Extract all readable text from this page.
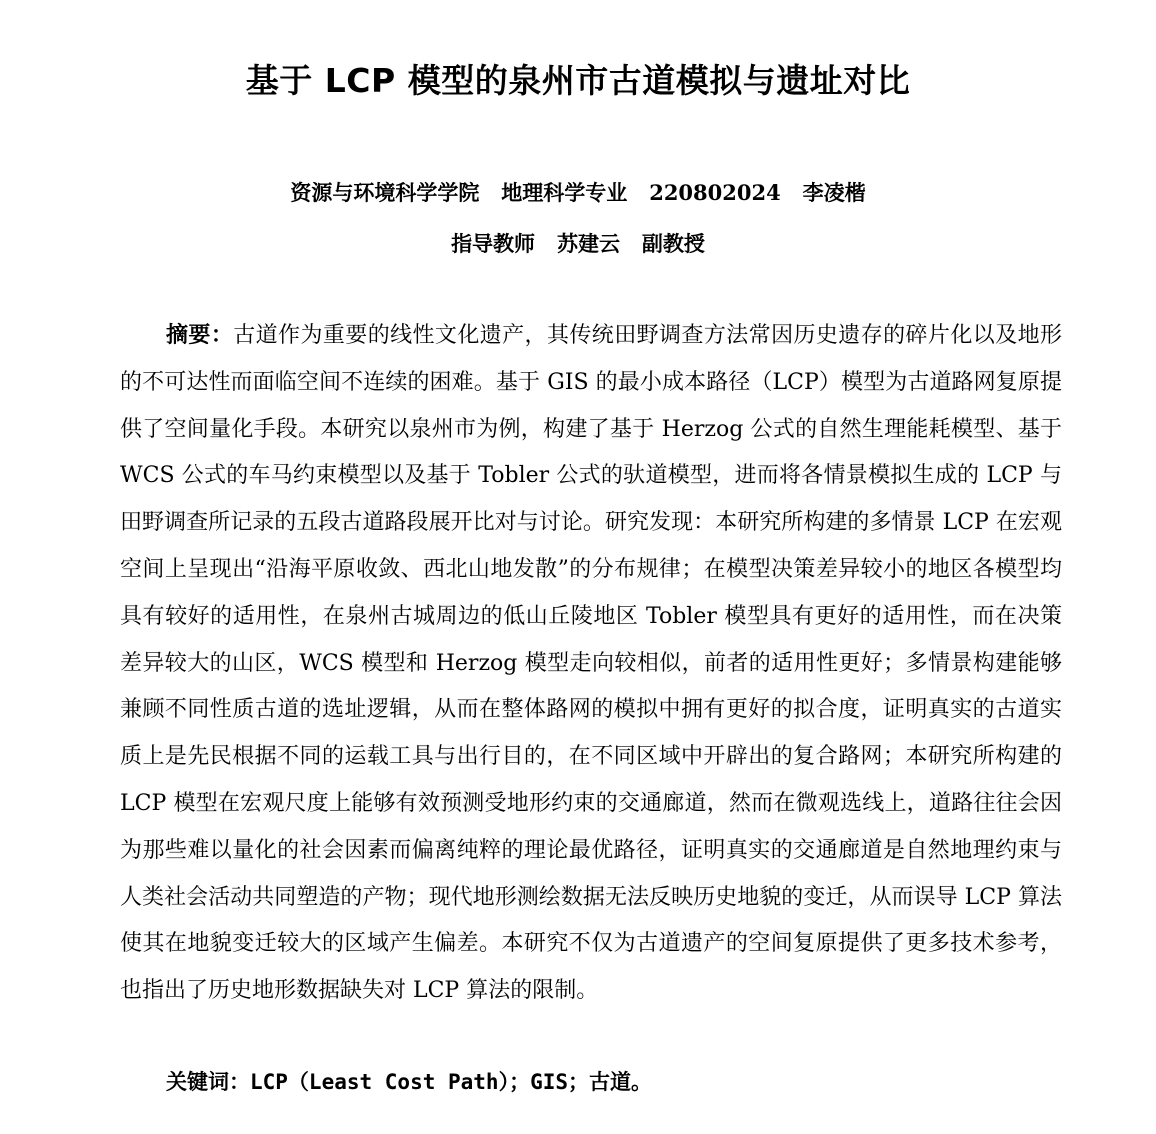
基于 LCP 模型的泉州市古道模拟与遗址对比
资源与环境科学学院   地理科学专业   220802024   李凌楷
指导教师   苏建云   副教授
摘要：古道作为重要的线性文化遗产，其传统田野调查方法常因历史遗存的碎片化以及地形的不可达性而面临空间不连续的困难。基于 GIS 的最小成本路径（LCP）模型为古道路网复原提供了空间量化手段。本研究以泉州市为例，构建了基于 Herzog 公式的自然生理能耗模型、基于 WCS 公式的车马约束模型以及基于 Tobler 公式的驮道模型，进而将各情景模拟生成的 LCP 与田野调查所记录的五段古道路段展开比对与讨论。研究发现：本研究所构建的多情景 LCP 在宏观空间上呈现出“沿海平原收敛、西北山地发散”的分布规律；在模型决策差异较小的地区各模型均具有较好的适用性，在泉州古城周边的低山丘陵地区 Tobler 模型具有更好的适用性，而在决策差异较大的山区，WCS 模型和 Herzog 模型走向较相似，前者的适用性更好；多情景构建能够兼顾不同性质古道的选址逻辑，从而在整体路网的模拟中拥有更好的拟合度，证明真实的古道实质上是先民根据不同的运载工具与出行目的，在不同区域中开辟出的复合路网；本研究所构建的 LCP 模型在宏观尺度上能够有效预测受地形约束的交通廊道，然而在微观选线上，道路往往会因为那些难以量化的社会因素而偏离纯粹的理论最优路径，证明真实的交通廊道是自然地理约束与人类社会活动共同塑造的产物；现代地形测绘数据无法反映历史地貌的变迁，从而误导 LCP 算法使其在地貌变迁较大的区域产生偏差。本研究不仅为古道遗产的空间复原提供了更多技术参考，也指出了历史地形数据缺失对 LCP 算法的限制。
关键词：LCP（Least Cost Path）；GIS；古道。
